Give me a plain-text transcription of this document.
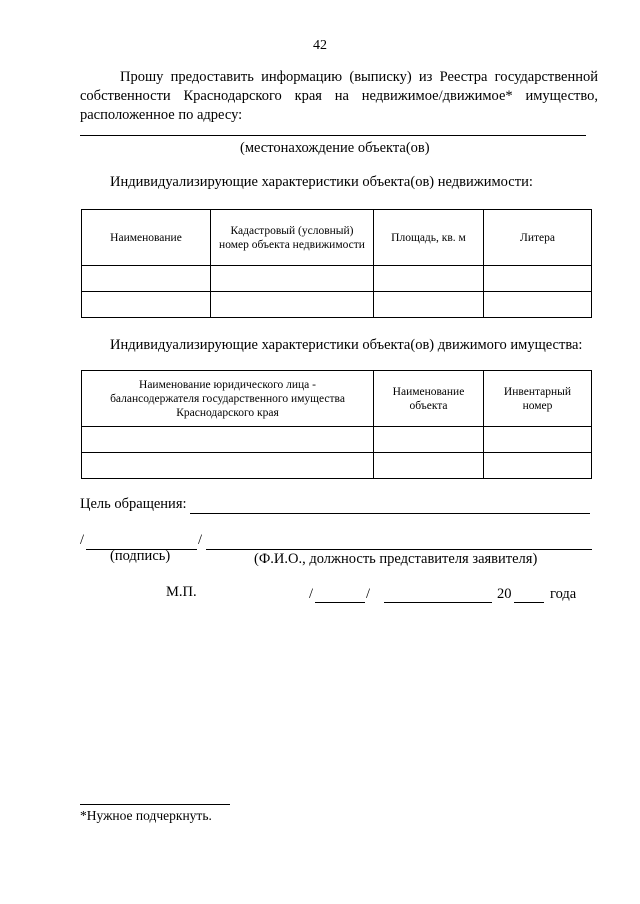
42
Прошу предоставить информацию (выписку) из Реестра государственной собственности Краснодарского края на недвижимое/движимое* имущество, расположенное по адресу:
(местонахождение объекта(ов)
Индивидуализирующие характеристики объекта(ов) недвижимости:
Наименование	Кадастровый (условный) номер объекта недвижимости	Площадь, кв. м	Литера

Индивидуализирующие характеристики объекта(ов) движимого имущества:
Наименование юридического лица - балансодержателя государственного имущества Краснодарского края	Наименование объекта	Инвентарный номер

Цель обращения:
/	/
(подпись)	(Ф.И.О., должность представителя заявителя)
М.П.	/	/	20	года
*Нужное подчеркнуть.
